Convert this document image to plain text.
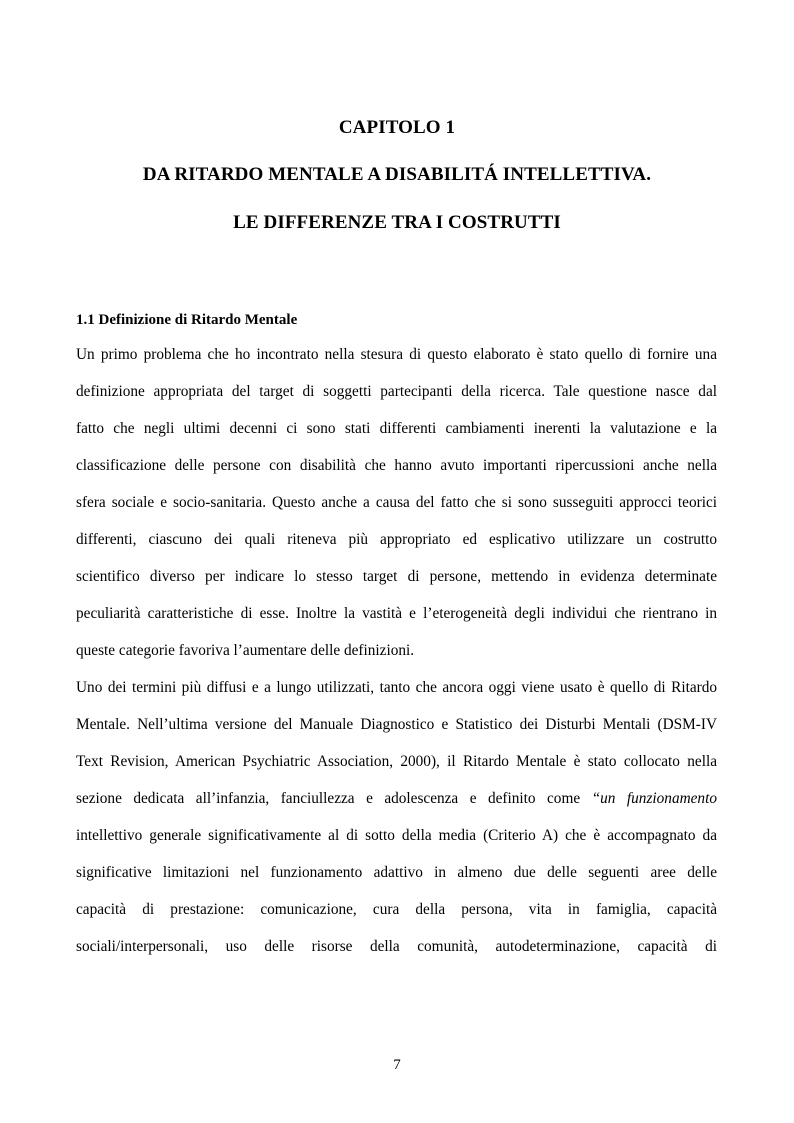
CAPITOLO 1
DA RITARDO MENTALE A DISABILITÁ INTELLETTIVA.
LE DIFFERENZE TRA I COSTRUTTI
1.1 Definizione di Ritardo Mentale
Un primo problema che ho incontrato nella stesura di questo elaborato è stato quello di fornire una
definizione appropriata del target di soggetti partecipanti della ricerca. Tale questione nasce dal
fatto che negli ultimi decenni ci sono stati differenti cambiamenti inerenti la valutazione e la
classificazione delle persone con disabilità che hanno avuto importanti ripercussioni anche nella
sfera sociale e socio-sanitaria. Questo anche a causa del fatto che si sono susseguiti approcci teorici
differenti, ciascuno dei quali riteneva più appropriato ed esplicativo utilizzare un costrutto
scientifico diverso per indicare lo stesso target di persone, mettendo in evidenza determinate
peculiarità caratteristiche di esse. Inoltre la vastità e l’eterogeneità degli individui che rientrano in
queste categorie favoriva l’aumentare delle definizioni.
Uno dei termini più diffusi e a lungo utilizzati, tanto che ancora oggi viene usato è quello di Ritardo
Mentale. Nell’ultima versione del Manuale Diagnostico e Statistico dei Disturbi Mentali (DSM-IV
Text Revision, American Psychiatric Association, 2000), il Ritardo Mentale è stato collocato nella
sezione dedicata all’infanzia, fanciullezza e adolescenza e definito come “un funzionamento
intellettivo generale significativamente al di sotto della media (Criterio A) che è accompagnato da
significative limitazioni nel funzionamento adattivo in almeno due delle seguenti aree delle
capacità di prestazione: comunicazione, cura della persona, vita in famiglia, capacità
sociali/interpersonali, uso delle risorse della comunità, autodeterminazione, capacità di
7
